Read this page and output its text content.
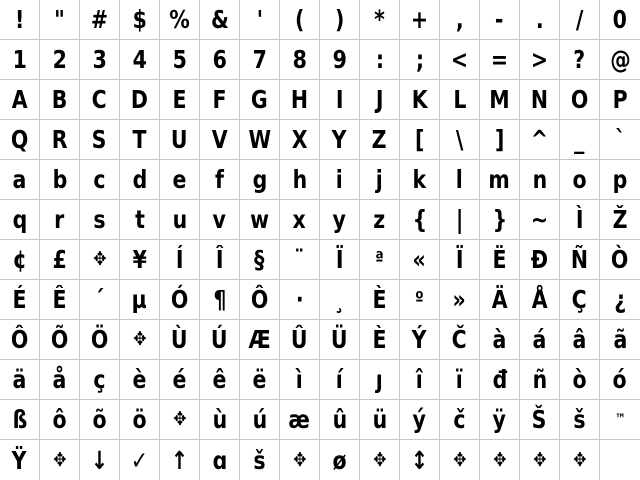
! " # $ % & ' ( ) * + , - . / 0
1 2 3 4 5 6 7 8 9 : ; < = > ? @
A B C D E F G H I J K L M N O P
Q R S T U V W X Y Z [ \ ] ^ _ `
a b c d e f g h i j k l m n o p
q r s t u v w x y z { | } ~ Ì Ž
¢ £ ✥ ¥ Í Î § ¨ Ï ª « Ï Ë Ð Ñ Ò
É Ê ´ µ Ó ¶ Ô · ¸ È º » Ä Å Ç ¿
Ô Õ Ö ✥ Ù Ú Æ Û Ü È Ý Č à á â ã
ä å ç è é ê ë ì í ȷ î ï đ ñ ò ó
ß ô õ ö ✥ ù ú æ û ü ý č ÿ Š š ™
Ÿ ✥ ↓ ✓ ↑ ɑ š ✥ ø ✥ ↕ ✥ ✥ ✥ ✥
